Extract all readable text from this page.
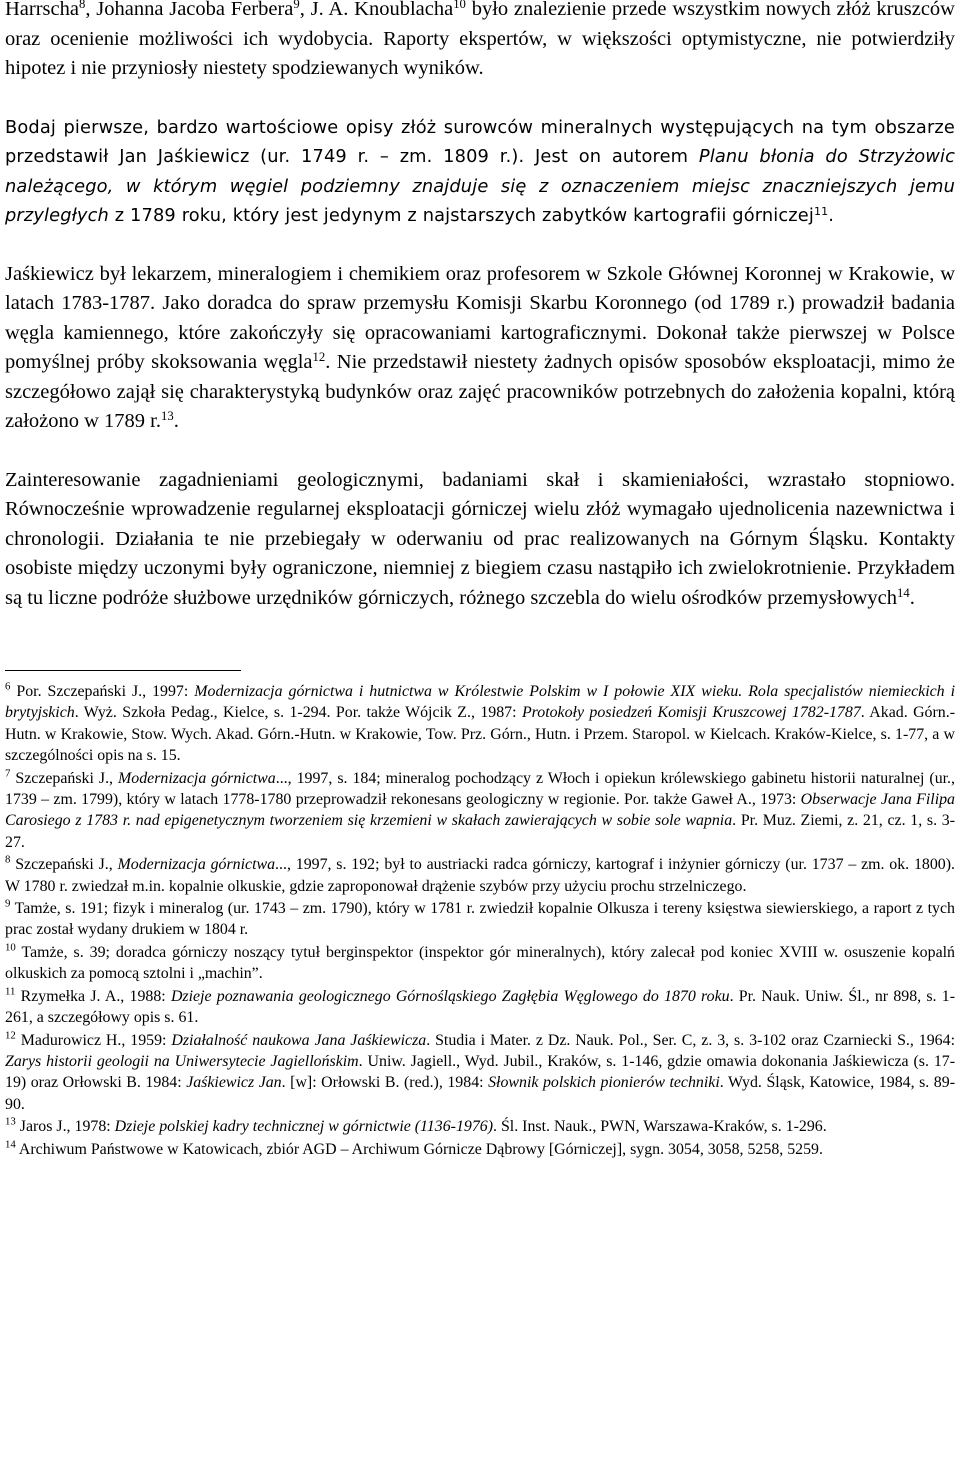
Harrscha$^8$, Johanna Jacoba Ferbera$^9$, J. A. Knoublacha$^{10}$ było znalezienie przede wszystkim nowych złóż kruszców oraz ocenienie możliwości ich wydobycia. Raporty ekspertów, w większości optymistyczne, nie potwierdziły hipotez i nie przyniosły niestety spodziewanych wyników.

Bodaj pierwsze, bardzo wartościowe opisy złóż surowców mineralnych występujących na tym obszarze przedstawił Jan Jaśkiewicz (ur. 1749 r. – zm. 1809 r.). Jest on autorem Planu błonia do Strzyżowic należącego, w którym węgiel podziemny znajduje się z oznaczeniem miejsc znaczniejszych jemu przyległych z 1789 roku, który jest jedynym z najstarszych zabytków kartografii górniczej$^{11}$.

Jaśkiewicz był lekarzem, mineralogiem i chemikiem oraz profesorem w Szkole Głównej Koronnej w Krakowie, w latach 1783-1787. Jako doradca do spraw przemysłu Komisji Skarbu Koronnego (od 1789 r.) prowadził badania węgla kamiennego, które zakończyły się opracowaniami kartograficznymi. Dokonał także pierwszej w Polsce pomyślnej próby skoksowania węgla$^{12}$. Nie przedstawił niestety żadnych opisów sposobów eksploatacji, mimo że szczegółowo zajął się charakterystyką budynków oraz zajęć pracowników potrzebnych do założenia kopalni, którą założono w 1789 r.$^{13}$.

Zainteresowanie zagadnieniami geologicznymi, badaniami skał i skamieniałości, wzrastało stopniowo. Równocześnie wprowadzenie regularnej eksploatacji górniczej wielu złóż wymagało ujednolicenia nazewnictwa i chronologii. Działania te nie przebiegały w oderwaniu od prac realizowanych na Górnym Śląsku. Kontakty osobiste między uczonymi były ograniczone, niemniej z biegiem czasu nastąpiło ich zwielokrotnienie. Przykładem są tu liczne podróże służbowe urzędników górniczych, różnego szczebla do wielu ośrodków przemysłowych$^{14}$.

$^6$ Por. Szczepański J., 1997: Modernizacja górnictwa i hutnictwa w Królestwie Polskim w I połowie XIX wieku. Rola specjalistów niemieckich i brytyjskich. Wyż. Szkoła Pedag., Kielce, s. 1-294. Por. także Wójcik Z., 1987: Protokoły posiedzeń Komisji Kruszcowej 1782-1787. Akad. Górn.-Hutn. w Krakowie, Stow. Wych. Akad. Górn.-Hutn. w Krakowie, Tow. Prz. Górn., Hutn. i Przem. Staropol. w Kielcach. Kraków-Kielce, s. 1-77, a w szczególności opis na s. 15.

$^7$ Szczepański J., Modernizacja górnictwa..., 1997, s. 184; mineralog pochodzący z Włoch i opiekun królewskiego gabinetu historii naturalnej (ur., 1739 – zm. 1799), który w latach 1778-1780 przeprowadził rekonesans geologiczny w regionie. Por. także Gaweł A., 1973: Obserwacje Jana Filipa Carosiego z 1783 r. nad epigenetycznym tworzeniem się krzemieni w skałach zawierających w sobie sole wapnia. Pr. Muz. Ziemi, z. 21, cz. 1, s. 3-27.

$^8$ Szczepański J., Modernizacja górnictwa..., 1997, s. 192; był to austriacki radca górniczy, kartograf i inżynier górniczy (ur. 1737 – zm. ok. 1800). W 1780 r. zwiedzał m.in. kopalnie olkuskie, gdzie zaproponował drążenie szybów przy użyciu prochu strzelniczego.

$^9$ Tamże, s. 191; fizyk i mineralog (ur. 1743 – zm. 1790), który w 1781 r. zwiedził kopalnie Olkusza i tereny księstwa siewierskiego, a raport z tych prac został wydany drukiem w 1804 r.

$^{10}$ Tamże, s. 39; doradca górniczy noszący tytuł berginspektor (inspektor gór mineralnych), który zalecał pod koniec XVIII w. osuszenie kopalń olkuskich za pomocą sztolni i „machin”.

$^{11}$ Rzymełka J. A., 1988: Dzieje poznawania geologicznego Górnośląskiego Zagłębia Węglowego do 1870 roku. Pr. Nauk. Uniw. Śl., nr 898, s. 1-261, a szczegółowy opis s. 61.

$^{12}$ Madurowicz H., 1959: Działalność naukowa Jana Jaśkiewicza. Studia i Mater. z Dz. Nauk. Pol., Ser. C, z. 3, s. 3-102 oraz Czarniecki S., 1964: Zarys historii geologii na Uniwersytecie Jagiellońskim. Uniw. Jagiell., Wyd. Jubil., Kraków, s. 1-146, gdzie omawia dokonania Jaśkiewicza (s. 17-19) oraz Orłowski B. 1984: Jaśkiewicz Jan. [w]: Orłowski B. (red.), 1984: Słownik polskich pionierów techniki. Wyd. Śląsk, Katowice, 1984, s. 89-90.

$^{13}$ Jaros J., 1978: Dzieje polskiej kadry technicznej w górnictwie (1136-1976). Śl. Inst. Nauk., PWN, Warszawa-Kraków, s. 1-296.

$^{14}$ Archiwum Państwowe w Katowicach, zbiór AGD – Archiwum Górnicze Dąbrowy [Górniczej], sygn. 3054, 3058, 5258, 5259.
